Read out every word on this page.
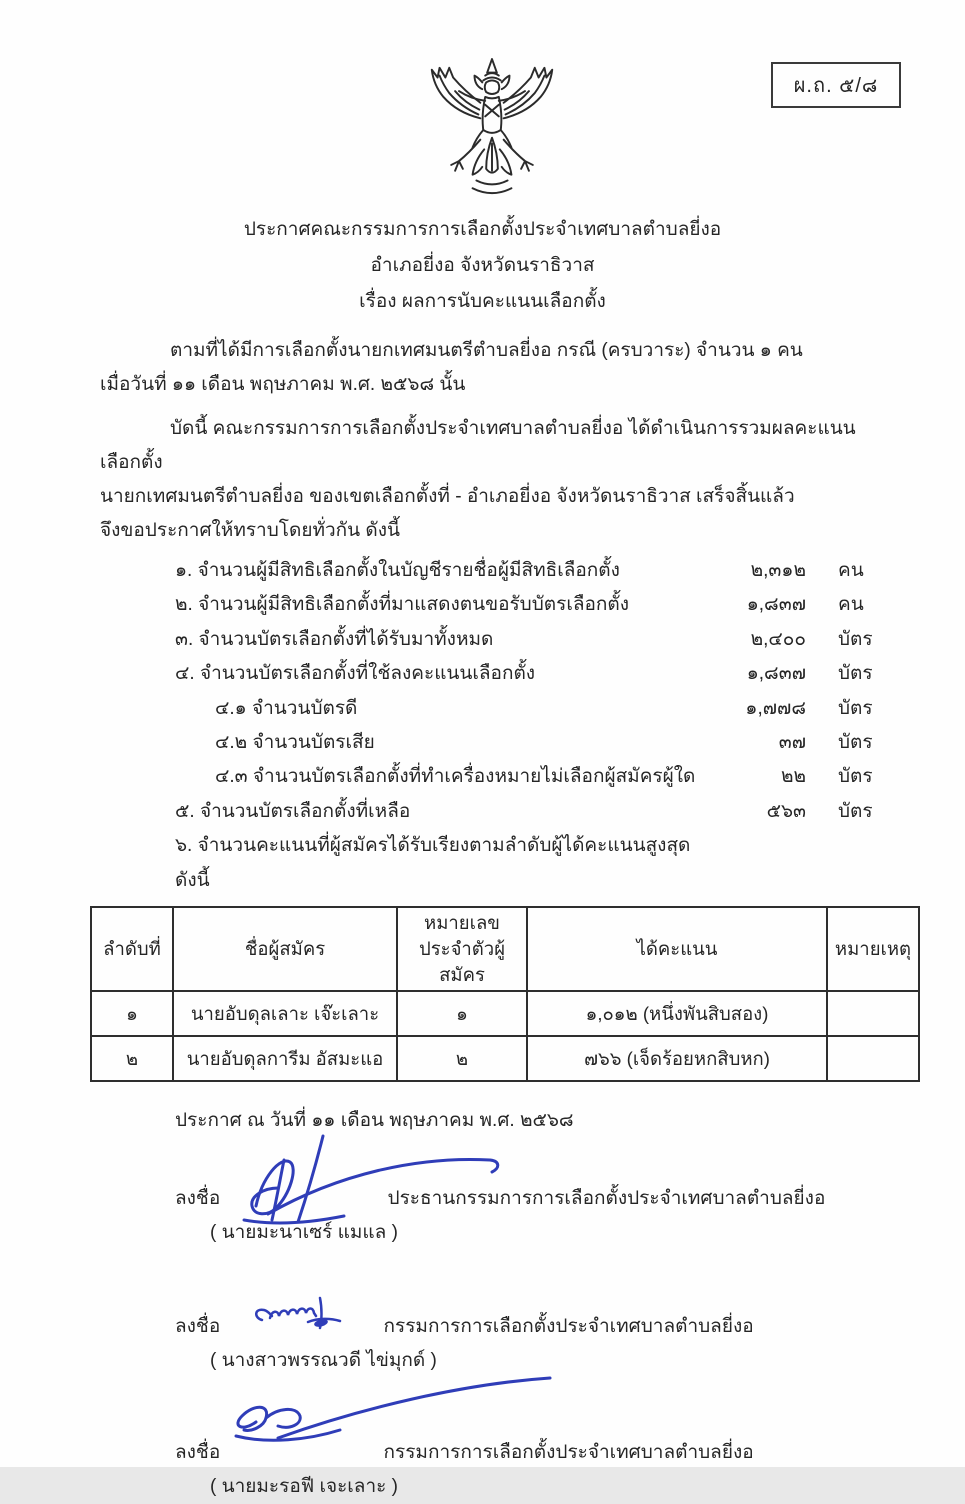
ผ.ถ. ๕/๘
ประกาศคณะกรรมการการเลือกตั้งประจำเทศบาลตำบลยี่งอ
อำเภอยี่งอ จังหวัดนราธิวาส
เรื่อง ผลการนับคะแนนเลือกตั้ง
ตามที่ได้มีการเลือกตั้งนายกเทศมนตรีตำบลยี่งอ กรณี (ครบวาระ) จำนวน ๑ คน
เมื่อวันที่ ๑๑ เดือน พฤษภาคม พ.ศ. ๒๕๖๘ นั้น
บัดนี้ คณะกรรมการการเลือกตั้งประจำเทศบาลตำบลยี่งอ ได้ดำเนินการรวมผลคะแนนเลือกตั้ง
นายกเทศมนตรีตำบลยี่งอ ของเขตเลือกตั้งที่ - อำเภอยี่งอ จังหวัดนราธิวาส เสร็จสิ้นแล้ว
จึงขอประกาศให้ทราบโดยทั่วกัน ดังนี้
๑. จำนวนผู้มีสิทธิเลือกตั้งในบัญชีรายชื่อผู้มีสิทธิเลือกตั้ง	๒,๓๑๒	คน
๒. จำนวนผู้มีสิทธิเลือกตั้งที่มาแสดงตนขอรับบัตรเลือกตั้ง	๑,๘๓๗	คน
๓. จำนวนบัตรเลือกตั้งที่ได้รับมาทั้งหมด	๒,๔๐๐	บัตร
๔. จำนวนบัตรเลือกตั้งที่ใช้ลงคะแนนเลือกตั้ง	๑,๘๓๗	บัตร
๔.๑ จำนวนบัตรดี	๑,๗๗๘	บัตร
๔.๒ จำนวนบัตรเสีย	๓๗	บัตร
๔.๓ จำนวนบัตรเลือกตั้งที่ทำเครื่องหมายไม่เลือกผู้สมัครผู้ใด	๒๒	บัตร
๕. จำนวนบัตรเลือกตั้งที่เหลือ	๕๖๓	บัตร
๖. จำนวนคะแนนที่ผู้สมัครได้รับเรียงตามลำดับผู้ได้คะแนนสูงสุด ดังนี้
ลำดับที่	ชื่อผู้สมัคร	หมายเลข ประจำตัวผู้สมัคร	ได้คะแนน	หมายเหตุ
๑	นายอับดุลเลาะ เจ๊ะเลาะ	๑	๑,๐๑๒ (หนึ่งพันสิบสอง)	
๒	นายอับดุลการีม อัสมะแอ	๒	๗๖๖ (เจ็ดร้อยหกสิบหก)	
ประกาศ ณ วันที่ ๑๑ เดือน พฤษภาคม พ.ศ. ๒๕๖๘
ลงชื่อ	ประธานกรรมการการเลือกตั้งประจำเทศบาลตำบลยี่งอ
( นายมะนาเซร์ แมแล )
ลงชื่อ	กรรมการการเลือกตั้งประจำเทศบาลตำบลยี่งอ
( นางสาวพรรณวดี ไข่มุกด์ )
ลงชื่อ	กรรมการการเลือกตั้งประจำเทศบาลตำบลยี่งอ
( นายมะรอฟี เจะเลาะ )
